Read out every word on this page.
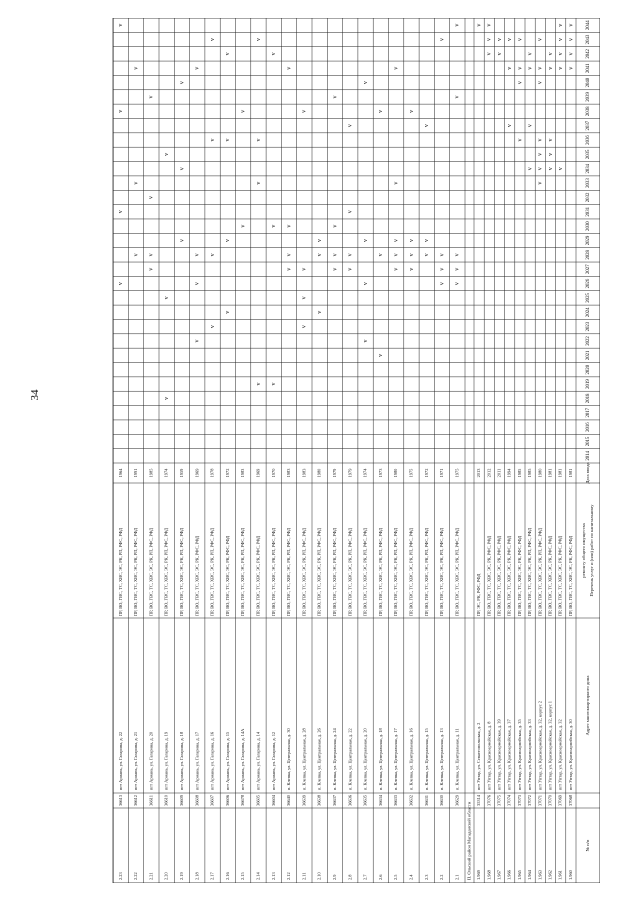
34
№ п/п
Адрес многоквартирного дома
Перечень услуг и (или) работ по капитальному
ремонту общего имущества
Дата ввода
2014
2015
2016
2017
2018
2019
2020
2021
2022
2023
2024
2025
2026
2027
2028
2029
2030
2031
2032
2033
2034
2035
2036
2037
2038
2039
2040
2041
2042
2043
2044
1.960
37068
пгт Уптар, ул. Красноармейская, д. 30
ПР, ВО, ГВС, ТС, ХВС, ЭС, РК, РФС, РФД
1981
v
v
v
v
1.961
37069
пгт Уптар, ул. Красноармейская, д. 32
ПР, ВО, ГВС, ТС, ХВС, ЭС, РК, РФС, РФД
1981
v
v
v
v
v
1.962
37070
пгт Уптар, ул. Красноармейская, д. 32, корпус 1
ПР, ВО, ГВС, ТС, ХВС, ЭС, РК, РФС, РФД
1981
v
v
v
v
v
1.963
37071
пгт Уптар, ул. Красноармейская, д. 32, корпус 2
ПР, ВО, ГВС, ТС, ХВС, ЭС, РК, РП, РФС, РФД
1980
v
v
v
v
v
v
v
1.964
37072
пгт Уптар, ул. Красноармейская, д. 33
ПР, ВО, ГВС, ТС, ХВС, ЭС, РК, РП, РФС, РФД
1985
v
v
v
v
1.965
37073
пгт Уптар, ул. Красноармейская, д. 35
ПР, ВО, ГВС, ТС, ХВС, ЭС, РК, РФС, РФД
1985
v
v
v
v
1.966
37074
пгт Уптар, ул. Красноармейская, д. 37
ПР, ВО, ГВС, ТС, ХВС, ЭС, РК, РФС, РФД
1994
v
v
v
1.967
37075
пгт Уптар, ул. Красноармейская, д. 39
ПР, ВО, ГВС, ТС, ХВС, ЭС, РК, РФС, РФД
2011
v
v
1.968
37076
пгт Уптар, ул. Красноармейская, д. 8
ПР, ВО, ГВС, ТС, ХВС, ЭС, РК, РФС, РФД
2012
v
v
v
1.969
35314
пгт Уптар, ул. Севастопольская, д. 2
ПР, ЭС, РК, РФС, РФД
2013
v
II. Ольский район Магаданской области
2.1
36629
п. Клепка, ул. Центральная, д. 11
ПР, ВО, ГВС, ТС, ХВС, ЭС, РК, РП, РФС, РФД
1975
v
v
v
v
v
2.2
36630
п. Клепка, ул. Центральная, д. 13
ПР, ВО, ГВС, ТС, ХВС, ЭС, РК, РП, РФС, РФД
1971
v
v
v
v
2.3
36631
п. Клепка, ул. Центральная, д. 15
ПР, ВО, ГВС, ТС, ХВС, ЭС, РК, РП, РФС, РФД
1972
v
v
v
2.4
36632
п. Клепка, ул. Центральная, д. 16
ПР, ВО, ГВС, ТС, ХВС, ЭС, РК, РП, РФС, РФД
1975
v
v
v
v
2.5
36633
п. Клепка, ул. Центральная, д. 17
ПР, ВО, ГВС, ТС, ХВС, ЭС, РК, РП, РФС, РФД
1980
v
v
v
v
v
2.6
36634
п. Клепка, ул. Центральная, д. 18
ПР, ВО, ГВС, ТС, ХВС, ЭС, РК, РП, РФС, РФД
1973
v
v
v
2.7
36635
п. Клепка, ул. Центральная, д. 20
ПР, ВО, ГВС, ТС, ХВС, ЭС, РК, РП, РФС, РФД
1974
v
v
v
v
2.8
36636
п. Клепка, ул. Центральная, д. 22
ПР, ВО, ГВС, ТС, ХВС, ЭС, РК, РП, РФС, РФД
1979
v
v
v
v
2.9
36637
п. Клепка, ул. Центральная, д. 24
ПР, ВО, ГВС, ТС, ХВС, ЭС, РК, РП, РФС, РФД
1979
v
v
v
v
2.10
36638
п. Клепка, ул. Центральная, д. 26
ПР, ВО, ГВС, ТС, ХВС, ЭС, РК, РП, РФС, РФД
1980
v
v
v
2.11
36639
п. Клепка, ул. Центральная, д. 28
ПР, ВО, ГВС, ТС, ХВС, ЭС, РК, РП, РФС, РФД
1983
v
v
v
v
2.12
36640
п. Клепка, ул. Центральная, д. 30
ПР, ВО, ГВС, ТС, ХВС, ЭС, РК, РП, РФС, РФД
1983
v
v
v
v
2.13
36604
пгт Армань, ул. Гагарина, д. 12
ПР, ВО, ГВС, ТС, ХВС, ЭС, РК, РП, РФС, РФД
1970
v
v
v
2.14
36605
пгт Армань, ул. Гагарина, д. 14
ПР, ВО, ГВС, ТС, ХВС, ЭС, РК, РФС, РФД
1969
v
v
v
v
2.15
36678
пгт Армань, ул. Гагарина, д. 14А
ПР, ВО, ГВС, ТС, ХВС, ЭС, РК, РП, РФС, РФД
1983
v
v
2.16
36606
пгт Армань, ул. Гагарина, д. 15
ПР, ВО, ГВС, ТС, ХВС, ЭС, РК, РФС, РФД
1972
v
v
v
v
2.17
36607
пгт Армань, ул. Гагарина, д. 16
ПР, ВО, ГВС, ТС, ХВС, ЭС, РК, РП, РФС, РФД
1978
v
v
v
v
2.18
36608
пгт Армань, ул. Гагарина, д. 17
ПР, ВО, ГВС, ТС, ХВС, ЭС, РК, РФС, РФД
1969
v
v
v
v
2.19
36609
пгт Армань, ул. Гагарина, д. 18
ПР, ВО, ГВС, ТС, ХВС, ЭС, РК, РП, РФС, РФД
1959
v
v
v
2.20
36610
пгт Армань, ул. Гагарина, д. 19
ПР, ВО, ГВС, ТС, ХВС, ЭС, РК, РП, РФС, РФД
1974
v
v
v
2.21
36611
пгт Армань, ул. Гагарина, д. 20
ПР, ВО, ГВС, ТС, ХВС, ЭС, РК, РП, РФС, РФД
1985
v
v
v
v
2.22
36612
пгт Армань, ул. Гагарина, д. 21
ПР, ВО, ГВС, ТС, ХВС, ЭС, РК, РП, РФС, РФД
1991
v
v
v
2.23
36613
пгт Армань, ул. Гагарина, д. 22
ПР, ВО, ГВС, ТС, ХВС, ЭС, РК, РП, РФС, РФД
1964
v
v
v
v
